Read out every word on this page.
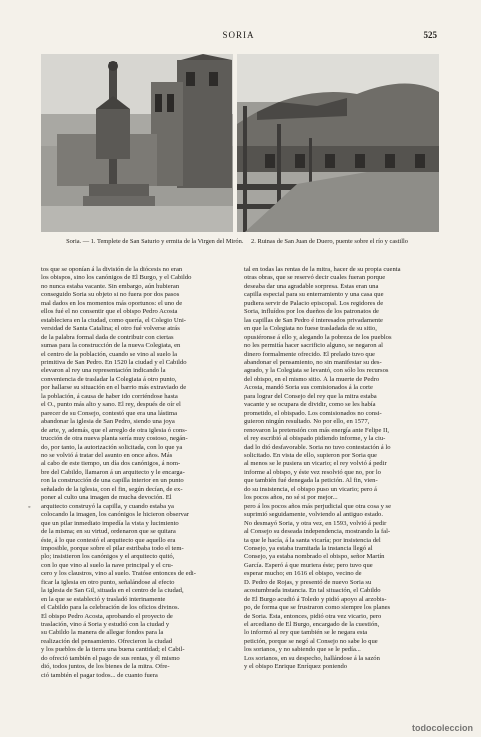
SORIA	525
Soria. — 1. Templete de San Saturio y ermita de la Virgen del Mirón. 2. Ruinas de San Juan de Duero, puente sobre el río y castillo
tos que se oponían á la división de la diócesis no eran
los obispos, sino los canónigos de El Burgo, y el Cabildo
no nunca estaba vacante. Sin embargo, aún hubieran
conseguido Soria su objeto si no fuera por dos pasos
mal dados en los momentos más oportunos: el uno de
ellos fué el no consentir que el obispo Pedro Acosta
estableciera en la ciudad, como quería, el Colegio Uni-
versidad de Santa Catalina; el otro fué volverse atrás
de la palabra formal dada de contribuir con ciertas
sumas para la construcción de la nueva Colegiata, en
el centro de la población, cuando se vino al suelo la
primitiva de San Pedro. En 1520 la ciudad y el Cabildo
elevaron al rey una representación indicando la
conveniencia de trasladar la Colegiata á otro punto,
por hallarse su situación en el barrio más extraviado de
la población, á causa de haber ido corriéndose hasta
el O., punto más alto y sano. El rey, después de oír el
parecer de su Consejo, contestó que era una lástima
abandonar la iglesia de San Pedro, siendo una joya
de arte, y, además, que el arreglo de otra iglesia ó cons-
trucción de otra nueva planta sería muy costoso, negán-
do, por tanto, la autorización solicitada, con lo que ya
no se volvió á tratar del asunto en once años. Más
al cabo de este tiempo, un día dos canónigos, á nom-
bre del Cabildo, llamaron á un arquitecto y le encarga-
ron la construcción de una capilla interior en un punto
señalado de la iglesia, con el fin, según decían, de ex-
poner al culto una imagen de mucha devoción. El
arquitecto construyó la capilla, y cuando estaba ya
colocando la imagen, los canónigos le hicieron observar
que un pilar inmediato impedía la vista y lucimiento
de la misma; en su virtud, ordenaron que se quitara
éste, á lo que contestó el arquitecto que aquello era
imposible, porque sobre el pilar estribaba todo el tem-
plo; insistieron los canónigos y el arquitecto quitó,
con lo que vino al suelo la nave principal y el cru-
cero y los claustros, vino al suelo. Tratóse entonces de edi-
ficar la iglesia en otro punto, señalándose al efecto
la iglesia de San Gil, situada en el centro de la ciudad,
en la que se estableció y trasladó interinamente
el Cabildo para la celebración de los oficios divinos.
El obispo Pedro Acosta, aprobando el proyecto de
traslación, vino á Soria y estudió con la ciudad y
su Cabildo la manera de allegar fondos para la
realización del pensamiento. Ofrecieron la ciudad
y los pueblos de la tierra una buena cantidad; el Cabil-
do ofreció también el pago de sus rentas, y él mismo
dió, todos juntos, de los bienes de la mitra. Ofre-
ció también el pagar todos... de cuanto fuera
tal en todas las rentas de la mitra, hacer de su propia cuenta
otras obras, que se reservó decir cuales fueran porque
deseaba dar una agradable sorpresa. Éstas eran una
capilla especial para su enterramiento y una casa que
pudiera servir de Palacio episcopal. Los regidores de
Soria, influídos por los dueños de los patronatos de
las capillas de San Pedro é interesados privadamente
en que la Colegiata no fuese trasladada de su sitio,
opusiéronse á ello y, alegando la pobreza de los pueblos
no les permitía hacer sacrificio alguno, se negaron al
dinero formalmente ofrecido. El prelado tuvo que
abandonar el pensamiento, no sin manifestar su des-
agrado, y la Colegiata se levantó, con sólo los recursos
del obispo, en el mismo sitio. Á la muerte de Pedro
Acosta, mandó Soria sus comisionados á la corte
para lograr del Consejo del rey que la mitra estaba
vacante y se ocupara de dividir, como se les había
prometido, el obispado. Los comisionados no consi-
guieron ningún resultado. No por ello, en 1577,
renovaron la pretensión con más energía ante Felipe II,
el rey escribió al obispado pidiendo informe, y la ciu-
dad lo dió desfavorable. Soria no tuvo contestación á lo
solicitado. En vista de ello, supieron por Soria que
al menos se le pusiera un vicario; el rey volvió á pedir
informe al obispo, y éste vez resolvió que no, por lo
que también fué denegada la petición. Al fin, vien-
do su insistencia, el obispo puso un vicario; pero á
los pocos años, no sé si por mejor...
pero á los pocos años más perjudicial que otra cosa y se
suprimió seguidamente, volviendo al antiguo estado.
No desmayó Soria, y otra vez, en 1593, volvió á pedir
al Consejo su deseada independencia, mostrando la fal-
ta que le hacía, á la santa vicaría; por insistencia del
Consejo, ya estaba tramitada la instancia llegó al
Consejo, ya estaba nombrado el obispo, señor Martín
García. Esperó á que muriera éste; pero tuvo que
esperar mucho; en 1616 el obispo, vecino de
D. Pedro de Rojas, y presentó de nuevo Soria su
acostumbrada instancia. En tal situación, el Cabildo
de El Burgo acudió á Toledo y pidió apoyo al arzobis-
po, de forma que se frustraron como siempre los planes
de Soria. Ésta, entonces, pidió otra vez vicario, pero
el arcediano de El Burgo, encargado de la cuestión,
lo informó al rey que también se le negara esta
petición, porque se negó al Consejo no sabe lo que
los sorianos, y no sabiendo que se le pedía...
Los sorianos, en su despecho, hallándose á la sazón
y el obispo Enrique Enríquez poniendo
◦
todocoleccion
